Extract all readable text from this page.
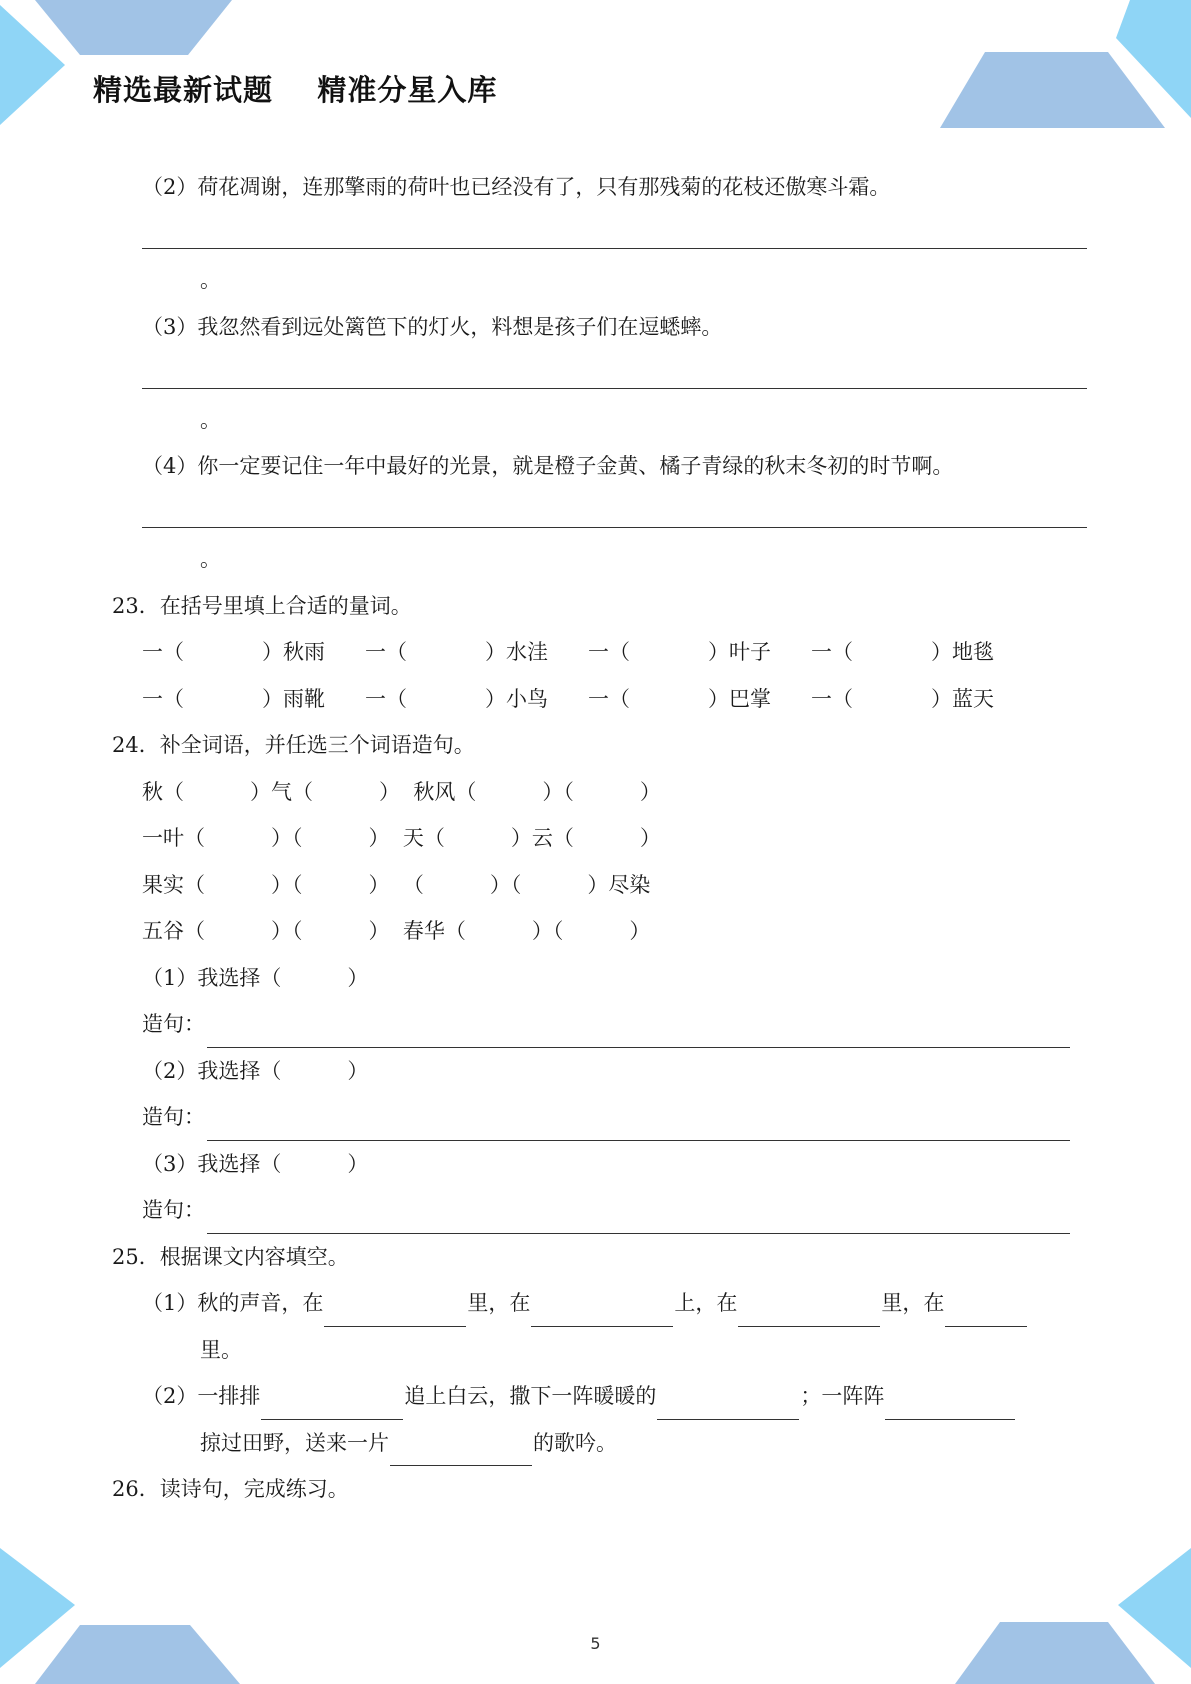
精选最新试题    精准分星入库
（2）荷花凋谢，连那擎雨的荷叶也已经没有了，只有那残菊的花枝还傲寒斗霜。
。
（3）我忽然看到远处篱笆下的灯火，料想是孩子们在逗蟋蟀。
。
（4）你一定要记住一年中最好的光景，就是橙子金黄、橘子青绿的秋末冬初的时节啊。
。
23．在括号里填上合适的量词。
一（	）秋雨 一（	）水洼 一（	）叶子 一（	）地毯
一（	）雨靴 一（	）小鸟 一（	）巴掌 一（	）蓝天
24．补全词语，并任选三个词语造句。
秋（	）气（	）  秋风（	）（	）
一叶（	）（	）  天（	）云（	）
果实（	）（	）  （	）（	）尽染
五谷（	）（	）  春华（	）（	）
（1）我选择（	）
造句：
（2）我选择（	）
造句：
（3）我选择（	）
造句：
25．根据课文内容填空。
（1）秋的声音，在	里，在	上，在	里，在
里。
（2）一排排	追上白云，撒下一阵暖暖的	；一阵阵
掠过田野，送来一片	的歌吟。
26．读诗句，完成练习。
5
